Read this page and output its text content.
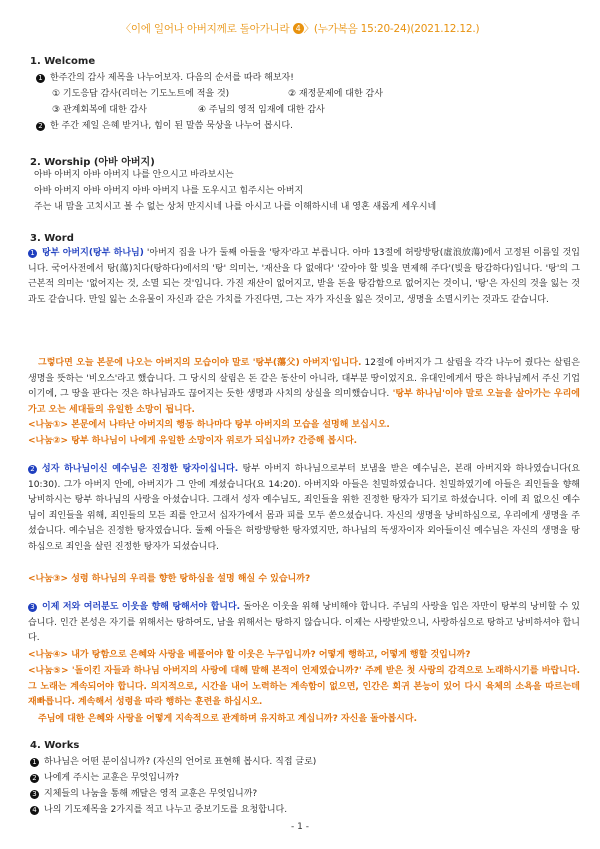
〈이에 일어나 아버지께로 돌아가니라 4 〉(누가복음 15:20-24)(2021.12.12.)
1. Welcome
1 한주간의 감사 제목을 나누어보자. 다음의 순서를 따라 해보자!
① 기도응답 감사(리더는 기도노트에 적을 것)	② 재정문제에 대한 감사
③ 관계회복에 대한 감사	④ 주님의 영적 임재에 대한 감사
2 한 주간 제일 은혜 받거나, 힘이 된 말씀 묵상을 나누어 봅시다.
2. Worship (아바 아버지)
아바 아버지 아바 아버지 나를 안으시고 바라보시는
아바 아버지 아바 아버지 아바 아버지 나를 도우시고 힘주시는 아버지
주는 내 맘을 고치시고 볼 수 없는 상처 만지시네 나를 아시고 나를 이해하시네 내 영혼 새롭게 세우시네
3. Word
1 탕부 아버지(탕부 하나님) '아버지 집을 나가 둘째 아들을 '탕자'라고 부릅니다. 아마 13절에 허랑방탕(虛浪放蕩)에서 고정된 이름일 것입니다. 국어사전에서 탕(蕩)치다(탕하다)에서의 '탕' 의미는, '재산을 다 없애다' '갚아야 할 빚을 면제해 주다'(빚을 탕감하다)입니다. '탕'의 그 근본적 의미는 '없어지는 것, 소멸 되는 것'입니다. 가진 재산이 없어지고, 받을 돈을 탕감함으로 없어지는 것이니, '탕'은 자신의 것을 잃는 것과도 같습니다. 만일 잃는 소유물이 자신과 같은 가치를 가진다면, 그는 자가 자신을 잃은 것이고, 생명을 소멸시키는 것과도 같습니다.
그렇다면 오늘 본문에 나오는 아버지의 모습이야 말로 '탕부(蕩父) 아버지'입니다. 12절에 아버지가 그 살림을 각각 나누어 줬다는 살림은 생명을 뜻하는 '비오스'라고 했습니다. 그 당시의 살림은 돈 같은 동산이 아니라, 대부분 땅이었지요. 유대인에게서 땅은 하나님께서 주신 기업이기에, 그 땅을 판다는 것은 하나님과도 끊어지는 듯한 생명과 사치의 상실을 의미했습니다. '탕부 하나님'이야 말로 오늘을 살아가는 우리에 가고 오는 세대들의 유일한 소망이 됩니다.
<나눔①> 본문에서 나타난 아버지의 행동 하나마다 탕부 아버지의 모습을 설명해 보십시오.
<나눔②> 탕부 하나님이 나에게 유일한 소망이자 위로가 되십니까? 간증해 봅시다.
2 성자 하나님이신 예수님은 진정한 탕자이십니다. 탕부 아버지 하나님으로부터 보냄을 받은 예수님은, 본래 아버지와 하나였습니다(요 10:30). 그가 아버지 안에, 아버지가 그 안에 계셨습니다(요 14:20). 아버지와 아들은 친밀하였습니다. 친밀하였기에 아들은 죄인들을 향해 낭비하시는 탕부 하나님의 사랑을 아셨습니다. 그래서 성자 예수님도, 죄인들을 위한 진정한 탕자가 되기로 하셨습니다. 이에 죄 없으신 예수님이 죄인들을 위해, 죄인들의 모든 죄를 안고서 십자가에서 몸과 피를 모두 쏟으셨습니다. 자신의 생명을 낭비하심으로, 우리에게 생명을 주셨습니다. 예수님은 진정한 탕자였습니다. 둘째 아들은 허랑방탕한 탕자였지만, 하나님의 독생자이자 외아들이신 예수님은 자신의 생명을 탕하심으로 죄인을 살린 진정한 탕자가 되셨습니다.
<나눔③> 성령 하나님의 우리를 향한 탕하심을 설명 해실 수 있습니까?
3 이제 저와 여러분도 이웃을 향해 탕해서야 합니다. 돌아온 이웃을 위해 낭비해야 합니다. 주님의 사랑을 입은 자만이 탕부의 낭비할 수 있습니다. 인간 본성은 자기를 위해서는 탕하여도, 남을 위해서는 탕하지 않습니다. 이제는 사랑받았으니, 사랑하심으로 탕하고 낭비하셔야 합니다.
<나눔④> 내가 탕함으로 은혜와 사랑을 베풀어야 할 이웃은 누구입니까? 어떻게 행하고, 어떻게 행할 것입니까?
<나눔⑤> '돌이킨 자들과 하나님 아버지의 사랑에 대해 말해 본적이 언제였습니까?' 주께 받은 첫 사랑의 감격으로 노래하시기를 바랍니다. 그 노래는 계속되어야 합니다. 의지적으로, 시간을 내어 노력하는 계속함이 없으면, 인간은 회귀 본능이 있어 다시 육체의 소욕을 따르는데 재빠릅니다. 계속해서 성령을 따라 행하는 훈련을 하십시오.
주님에 대한 은혜와 사랑을 어떻게 지속적으로 관계하며 유지하고 계십니까? 자신을 돌아봅시다.
4. Works
1 하나님은 어떤 분이십니까? (자신의 언어로 표현해 봅시다. 직접 글로)
2 나에게 주시는 교훈은 무엇입니까?
3 지체들의 나눔을 통해 깨달은 영적 교훈은 무엇입니까?
4 나의 기도제목을 2가지를 적고 나누고 중보기도를 요청합니다.
- 1 -
